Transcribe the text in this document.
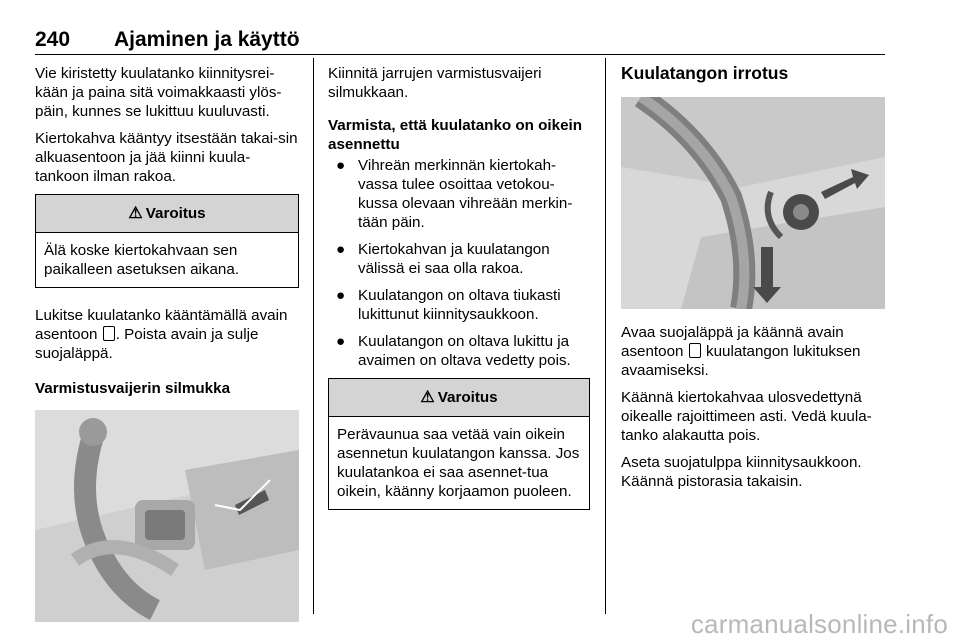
240 Ajaminen ja käyttö

Vie kiristetty kuulatanko kiinnitysrei-kään ja paina sitä voimakkaasti ylös-päin, kunnes se lukittuu kuuluvasti.

Kiertokahva kääntyy itsestään takai-sin alkuasentoon ja jää kiinni kuula-tankoon ilman rakoa.

⚠ Varoitus
Älä koske kiertokahvaan sen paikalleen asetuksen aikana.

Lukitse kuulatanko kääntämällä avain asentoon . Poista avain ja sulje suojaläppä.

Varmistusvaijerin silmukka

Kiinnitä jarrujen varmistusvaijeri silmukkaan.

Varmista, että kuulatanko on oikein asennettu

● Vihreän merkinnän kiertokah-vassa tulee osoittaa vetokou-kussa olevaan vihreään merkin-tään päin.
● Kiertokahvan ja kuulatangon välissä ei saa olla rakoa.
● Kuulatangon on oltava tiukasti lukittunut kiinnitysaukkoon.
● Kuulatangon on oltava lukittu ja avaimen on oltava vedetty pois.
⚠ Varoitus
Perävaunua saa vetää vain oikein asennetun kuulatangon kanssa. Jos kuulatankoa ei saa asennet-tua oikein, käänny korjaamon puoleen.
Kuulatangon irrotus

Avaa suojaläppä ja käännä avain asentoon kuulatangon lukituksen avaamiseksi.

Käännä kiertokahvaa ulosvedettynä oikealle rajoittimeen asti. Vedä kuula-tanko alakautta pois.

Aseta suojatulppa kiinnitysaukkoon. Käännä pistorasia takaisin.

carmanualsonline.info
